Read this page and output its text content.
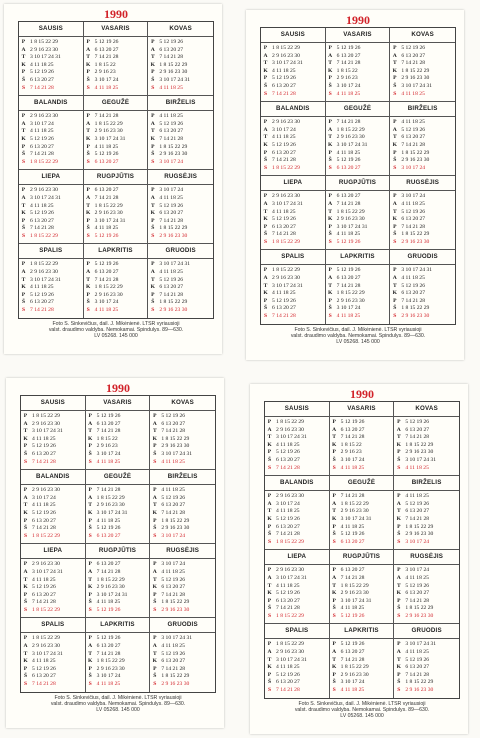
1990
SAUSIS
P 1 8 15 22 29
A 2 9 16 23 30
T 3 10 17 24 31
K 4 11 18 25
P 5 12 19 26
Š 6 13 20 27
S 7 14 21 28
VASARIS
P 5 12 19 26
A 6 13 20 27
T 7 14 21 28
K 1 8 15 22
P 2 9 16 23
Š 3 10 17 24
S 4 11 18 25
KOVAS
P 5 12 19 26
A 6 13 20 27
T 7 14 21 28
K 1 8 15 22 29
P 2 9 16 23 30
Š 3 10 17 24 31
S 4 11 18 25
BALANDIS
P 2 9 16 23 30
A 3 10 17 24
T 4 11 18 25
K 5 12 19 26
P 6 13 20 27
Š 7 14 21 28
S 1 8 15 22 29
GEGUŽĖ
P 7 14 21 28
A 1 8 15 22 29
T 2 9 16 23 30
K 3 10 17 24 31
P 4 11 18 25
Š 5 12 19 26
S 6 13 20 27
BIRŽELIS
P 4 11 18 25
A 5 12 19 26
T 6 13 20 27
K 7 14 21 28
P 1 8 15 22 29
Š 2 9 16 23 30
S 3 10 17 24
LIEPA
P 2 9 16 23 30
A 3 10 17 24 31
T 4 11 18 25
K 5 12 19 26
P 6 13 20 27
Š 7 14 21 28
S 1 8 15 22 29
RUGPJŪTIS
P 6 13 20 27
A 7 14 21 28
T 1 8 15 22 29
K 2 9 16 23 30
P 3 10 17 24 31
Š 4 11 18 25
S 5 12 19 26
RUGSĖJIS
P 3 10 17 24
A 4 11 18 25
T 5 12 19 26
K 6 13 20 27
P 7 14 21 28
Š 1 8 15 22 29
S 2 9 16 23 30
SPALIS
P 1 8 15 22 29
A 2 9 16 23 30
T 3 10 17 24 31
K 4 11 18 25
P 5 12 19 26
Š 6 13 20 27
S 7 14 21 28
LAPKRITIS
P 5 12 19 26
A 6 13 20 27
T 7 14 21 28
K 1 8 15 22 29
P 2 9 16 23 30
Š 3 10 17 24
S 4 11 18 25
GRUODIS
P 3 10 17 24 31
A 4 11 18 25
T 5 12 19 26
K 6 13 20 27
P 7 14 21 28
Š 1 8 15 22 29
S 2 9 16 23 30
Foto S. Sinkevičius, dail. J. Mikėnienė. LTSR vyriausioji
valst. draudimo valdyba. Nemokamai. Spindulys. 89—630.
LV 05268. 145 000
1990
SAUSIS
P 1 8 15 22 29
A 2 9 16 23 30
T 3 10 17 24 31
K 4 11 18 25
P 5 12 19 26
Š 6 13 20 27
S 7 14 21 28
VASARIS
P 5 12 19 26
A 6 13 20 27
T 7 14 21 28
K 1 8 15 22
P 2 9 16 23
Š 3 10 17 24
S 4 11 18 25
KOVAS
P 5 12 19 26
A 6 13 20 27
T 7 14 21 28
K 1 8 15 22 29
P 2 9 16 23 30
Š 3 10 17 24 31
S 4 11 18 25
BALANDIS
P 2 9 16 23 30
A 3 10 17 24
T 4 11 18 25
K 5 12 19 26
P 6 13 20 27
Š 7 14 21 28
S 1 8 15 22 29
GEGUŽĖ
P 7 14 21 28
A 1 8 15 22 29
T 2 9 16 23 30
K 3 10 17 24 31
P 4 11 18 25
Š 5 12 19 26
S 6 13 20 27
BIRŽELIS
P 4 11 18 25
A 5 12 19 26
T 6 13 20 27
K 7 14 21 28
P 1 8 15 22 29
Š 2 9 16 23 30
S 3 10 17 24
LIEPA
P 2 9 16 23 30
A 3 10 17 24 31
T 4 11 18 25
K 5 12 19 26
P 6 13 20 27
Š 7 14 21 28
S 1 8 15 22 29
RUGPJŪTIS
P 6 13 20 27
A 7 14 21 28
T 1 8 15 22 29
K 2 9 16 23 30
P 3 10 17 24 31
Š 4 11 18 25
S 5 12 19 26
RUGSĖJIS
P 3 10 17 24
A 4 11 18 25
T 5 12 19 26
K 6 13 20 27
P 7 14 21 28
Š 1 8 15 22 29
S 2 9 16 23 30
SPALIS
P 1 8 15 22 29
A 2 9 16 23 30
T 3 10 17 24 31
K 4 11 18 25
P 5 12 19 26
Š 6 13 20 27
S 7 14 21 28
LAPKRITIS
P 5 12 19 26
A 6 13 20 27
T 7 14 21 28
K 1 8 15 22 29
P 2 9 16 23 30
Š 3 10 17 24
S 4 11 18 25
GRUODIS
P 3 10 17 24 31
A 4 11 18 25
T 5 12 19 26
K 6 13 20 27
P 7 14 21 28
Š 1 8 15 22 29
S 2 9 16 23 30
Foto S. Sinkevičius, dail. J. Mikėnienė. LTSR vyriausioji
valst. draudimo valdyba. Nemokamai. Spindulys. 89—630.
LV 05268. 145 000
1990
SAUSIS
P 1 8 15 22 29
A 2 9 16 23 30
T 3 10 17 24 31
K 4 11 18 25
P 5 12 19 26
Š 6 13 20 27
S 7 14 21 28
VASARIS
P 5 12 19 26
A 6 13 20 27
T 7 14 21 28
K 1 8 15 22
P 2 9 16 23
Š 3 10 17 24
S 4 11 18 25
KOVAS
P 5 12 19 26
A 6 13 20 27
T 7 14 21 28
K 1 8 15 22 29
P 2 9 16 23 30
Š 3 10 17 24 31
S 4 11 18 25
BALANDIS
P 2 9 16 23 30
A 3 10 17 24
T 4 11 18 25
K 5 12 19 26
P 6 13 20 27
Š 7 14 21 28
S 1 8 15 22 29
GEGUŽĖ
P 7 14 21 28
A 1 8 15 22 29
T 2 9 16 23 30
K 3 10 17 24 31
P 4 11 18 25
Š 5 12 19 26
S 6 13 20 27
BIRŽELIS
P 4 11 18 25
A 5 12 19 26
T 6 13 20 27
K 7 14 21 28
P 1 8 15 22 29
Š 2 9 16 23 30
S 3 10 17 24
LIEPA
P 2 9 16 23 30
A 3 10 17 24 31
T 4 11 18 25
K 5 12 19 26
P 6 13 20 27
Š 7 14 21 28
S 1 8 15 22 29
RUGPJŪTIS
P 6 13 20 27
A 7 14 21 28
T 1 8 15 22 29
K 2 9 16 23 30
P 3 10 17 24 31
Š 4 11 18 25
S 5 12 19 26
RUGSĖJIS
P 3 10 17 24
A 4 11 18 25
T 5 12 19 26
K 6 13 20 27
P 7 14 21 28
Š 1 8 15 22 29
S 2 9 16 23 30
SPALIS
P 1 8 15 22 29
A 2 9 16 23 30
T 3 10 17 24 31
K 4 11 18 25
P 5 12 19 26
Š 6 13 20 27
S 7 14 21 28
LAPKRITIS
P 5 12 19 26
A 6 13 20 27
T 7 14 21 28
K 1 8 15 22 29
P 2 9 16 23 30
Š 3 10 17 24
S 4 11 18 25
GRUODIS
P 3 10 17 24 31
A 4 11 18 25
T 5 12 19 26
K 6 13 20 27
P 7 14 21 28
Š 1 8 15 22 29
S 2 9 16 23 30
Foto S. Sinkevičius, dail. J. Mikėnienė. LTSR vyriausioji
valst. draudimo valdyba. Nemokamai. Spindulys. 89—630.
LV 05268. 145 000
1990
SAUSIS
P 1 8 15 22 29
A 2 9 16 23 30
T 3 10 17 24 31
K 4 11 18 25
P 5 12 19 26
Š 6 13 20 27
S 7 14 21 28
VASARIS
P 5 12 19 26
A 6 13 20 27
T 7 14 21 28
K 1 8 15 22
P 2 9 16 23
Š 3 10 17 24
S 4 11 18 25
KOVAS
P 5 12 19 26
A 6 13 20 27
T 7 14 21 28
K 1 8 15 22 29
P 2 9 16 23 30
Š 3 10 17 24 31
S 4 11 18 25
BALANDIS
P 2 9 16 23 30
A 3 10 17 24
T 4 11 18 25
K 5 12 19 26
P 6 13 20 27
Š 7 14 21 28
S 1 8 15 22 29
GEGUŽĖ
P 7 14 21 28
A 1 8 15 22 29
T 2 9 16 23 30
K 3 10 17 24 31
P 4 11 18 25
Š 5 12 19 26
S 6 13 20 27
BIRŽELIS
P 4 11 18 25
A 5 12 19 26
T 6 13 20 27
K 7 14 21 28
P 1 8 15 22 29
Š 2 9 16 23 30
S 3 10 17 24
LIEPA
P 2 9 16 23 30
A 3 10 17 24 31
T 4 11 18 25
K 5 12 19 26
P 6 13 20 27
Š 7 14 21 28
S 1 8 15 22 29
RUGPJŪTIS
P 6 13 20 27
A 7 14 21 28
T 1 8 15 22 29
K 2 9 16 23 30
P 3 10 17 24 31
Š 4 11 18 25
S 5 12 19 26
RUGSĖJIS
P 3 10 17 24
A 4 11 18 25
T 5 12 19 26
K 6 13 20 27
P 7 14 21 28
Š 1 8 15 22 29
S 2 9 16 23 30
SPALIS
P 1 8 15 22 29
A 2 9 16 23 30
T 3 10 17 24 31
K 4 11 18 25
P 5 12 19 26
Š 6 13 20 27
S 7 14 21 28
LAPKRITIS
P 5 12 19 26
A 6 13 20 27
T 7 14 21 28
K 1 8 15 22 29
P 2 9 16 23 30
Š 3 10 17 24
S 4 11 18 25
GRUODIS
P 3 10 17 24 31
A 4 11 18 25
T 5 12 19 26
K 6 13 20 27
P 7 14 21 28
Š 1 8 15 22 29
S 2 9 16 23 30
Foto S. Sinkevičius, dail. J. Mikėnienė. LTSR vyriausioji
valst. draudimo valdyba. Nemokamai. Spindulys. 89—630.
LV 05268. 145 000
